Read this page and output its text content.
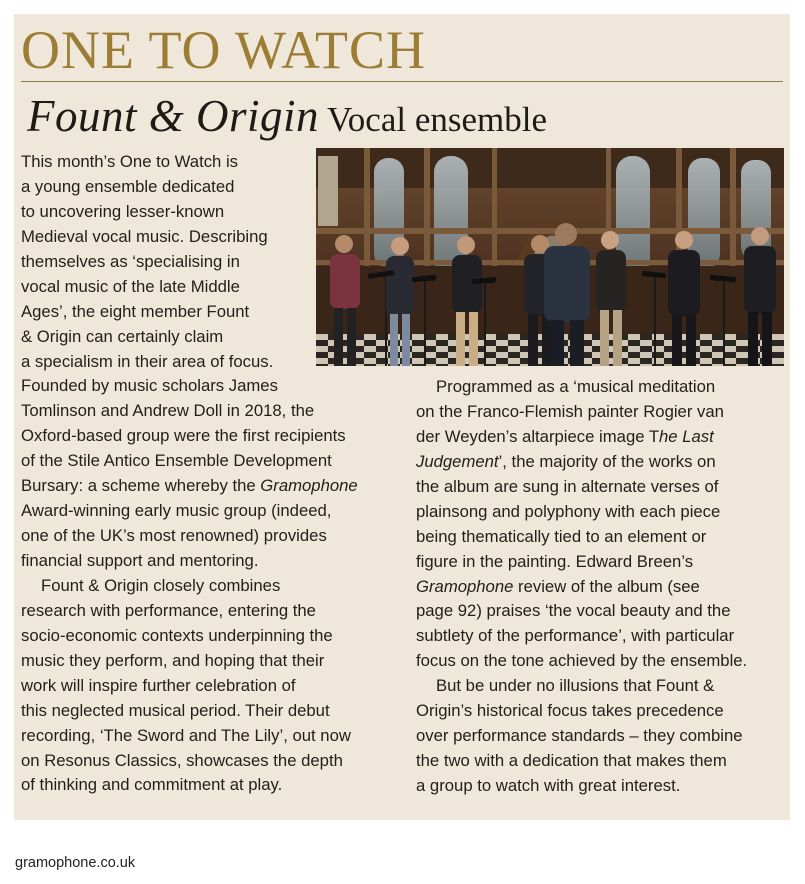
ONE TO WATCH
Fount & Origin Vocal ensemble
This month’s One to Watch is
a young ensemble dedicated
to uncovering lesser-known
Medieval vocal music. Describing
themselves as ‘specialising in
vocal music of the late Middle
Ages’, the eight member Fount
& Origin can certainly claim
a specialism in their area of focus.
Founded by music scholars James
Tomlinson and Andrew Doll in 2018, the
Oxford-based group were the first recipients
of the Stile Antico Ensemble Development
Bursary: a scheme whereby the Gramophone
Award-winning early music group (indeed,
one of the UK’s most renowned) provides
financial support and mentoring.
Fount & Origin closely combines
research with performance, entering the
socio-economic contexts underpinning the
music they perform, and hoping that their
work will inspire further celebration of
this neglected musical period. Their debut
recording, ‘The Sword and The Lily’, out now
on Resonus Classics, showcases the depth
of thinking and commitment at play.
Programmed as a ‘musical meditation
on the Franco-Flemish painter Rogier van
der Weyden’s altarpiece image The Last
Judgement’, the majority of the works on
the album are sung in alternate verses of
plainsong and polyphony with each piece
being thematically tied to an element or
figure in the painting. Edward Breen’s
Gramophone review of the album (see
page 92) praises ‘the vocal beauty and the
subtlety of the performance’, with particular
focus on the tone achieved by the ensemble.
But be under no illusions that Fount &
Origin’s historical focus takes precedence
over performance standards – they combine
the two with a dedication that makes them
a group to watch with great interest.
gramophone.co.uk
